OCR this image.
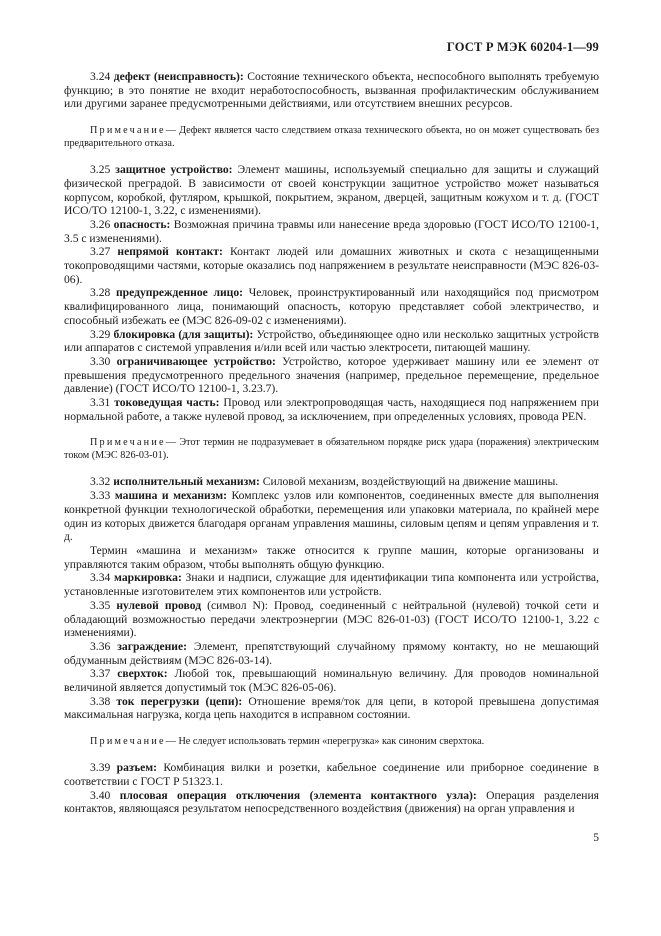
ГОСТ Р МЭК 60204-1—99

3.24 дефект (неисправность): Состояние технического объекта, неспособного выполнять требуемую функцию; в это понятие не входит неработоспособность, вызванная профилактическим обслуживанием или другими заранее предусмотренными действиями, или отсутствием внешних ресурсов.

Примечание— Дефект является часто следствием отказа технического объекта, но он может существовать без предварительного отказа.

3.25 защитное устройство: Элемент машины, используемый специально для защиты и служащий физической преградой. В зависимости от своей конструкции защитное устройство может называться корпусом, коробкой, футляром, крышкой, покрытием, экраном, дверцей, защитным кожухом и т. д. (ГОСТ ИСО/ТО 12100-1, 3.22, с изменениями).

3.26 опасность: Возможная причина травмы или нанесение вреда здоровью (ГОСТ ИСО/ТО 12100-1, 3.5 с изменениями).

3.27 непрямой контакт: Контакт людей или домашних животных и скота с незащищенными токопроводящими частями, которые оказались под напряжением в результате неисправности (МЭС 826-03-06).

3.28 предупрежденное лицо: Человек, проинструктированный или находящийся под присмотром квалифицированного лица, понимающий опасность, которую представляет собой электричество, и способный избежать ее (МЭС 826-09-02 с изменениями).

3.29 блокировка (для защиты): Устройство, объединяющее одно или несколько защитных устройств или аппаратов с системой управления и/или всей или частью электросети, питающей машину.

3.30 ограничивающее устройство: Устройство, которое удерживает машину или ее элемент от превышения предусмотренного предельного значения (например, предельное перемещение, предельное давление) (ГОСТ ИСО/ТО 12100-1, 3.23.7).

3.31 токоведущая часть: Провод или электропроводящая часть, находящиеся под напряжением при нормальной работе, а также нулевой провод, за исключением, при определенных условиях, провода PEN.

Примечание— Этот термин не подразумевает в обязательном порядке риск удара (поражения) электрическим током (МЭС 826-03-01).

3.32 исполнительный механизм: Силовой механизм, воздействующий на движение машины.

3.33 машина и механизм: Комплекс узлов или компонентов, соединенных вместе для выполнения конкретной функции технологической обработки, перемещения или упаковки материала, по крайней мере один из которых движется благодаря органам управления машины, силовым цепям и цепям управления и т. д.

Термин «машина и механизм» также относится к группе машин, которые организованы и управляются таким образом, чтобы выполнять общую функцию.

3.34 маркировка: Знаки и надписи, служащие для идентификации типа компонента или устройства, установленные изготовителем этих компонентов или устройств.

3.35 нулевой провод (символ N): Провод, соединенный с нейтральной (нулевой) точкой сети и обладающий возможностью передачи электроэнергии (МЭС 826-01-03) (ГОСТ ИСО/ТО 12100-1, 3.22 с изменениями).

3.36 заграждение: Элемент, препятствующий случайному прямому контакту, но не мешающий обдуманным действиям (МЭС 826-03-14).

3.37 сверхток: Любой ток, превышающий номинальную величину. Для проводов номинальной величиной является допустимый ток (МЭС 826-05-06).

3.38 ток перегрузки (цепи): Отношение время/ток для цепи, в которой превышена допустимая максимальная нагрузка, когда цепь находится в исправном состоянии.

Примечание— Не следует использовать термин «перегрузка» как синоним сверхтока.

3.39 разъем: Комбинация вилки и розетки, кабельное соединение или приборное соединение в соответствии с ГОСТ Р 51323.1.

3.40 плосовая операция отключения (элемента контактного узла): Операция разделения контактов, являющаяся результатом непосредственного воздействия (движения) на орган управления и

5
